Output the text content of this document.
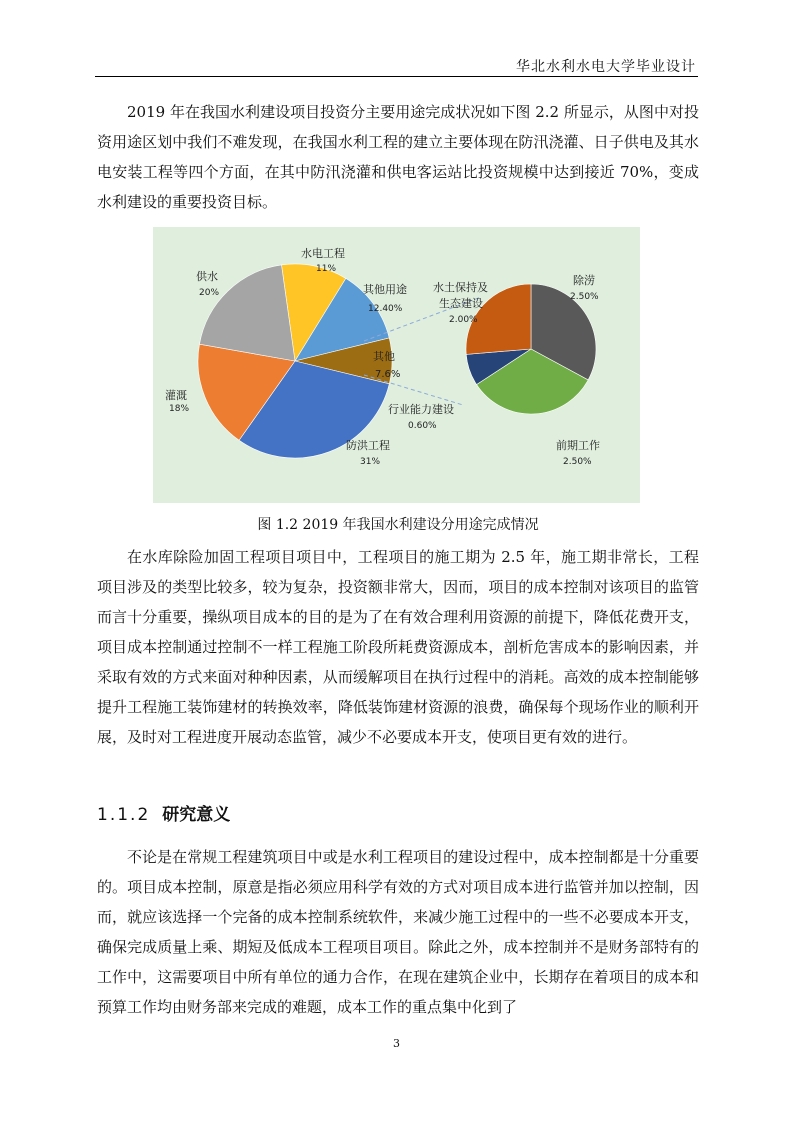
华北水利水电大学毕业设计

2019 年在我国水利建设项目投资分主要用途完成状况如下图 2.2 所显示，从图中对投资用途区划中我们不难发现，在我国水利工程的建立主要体现在防汛浇灌、日子供电及其水电安装工程等四个方面，在其中防汛浇灌和供电客运站比投资规模中达到接近 70%，变成水利建设的重要投资目标。

水电工程
11%
其他用途
12.40%
其他
7.6%
防洪工程
31%
灌溉
18%
供水
20%
除涝
2.50%
前期工作
2.50%
行业能力建设
0.60%
水土保持及 生态建设
2.00%
图 1.2 2019 年我国水利建设分用途完成情况

在水库除险加固工程项目项目中，工程项目的施工期为 2.5 年，施工期非常长，工程项目涉及的类型比较多，较为复杂，投资额非常大，因而，项目的成本控制对该项目的监管而言十分重要，操纵项目成本的目的是为了在有效合理利用资源的前提下，降低花费开支，项目成本控制通过控制不一样工程施工阶段所耗费资源成本，剖析危害成本的影响因素，并采取有效的方式来面对种种因素，从而缓解项目在执行过程中的消耗。高效的成本控制能够提升工程施工装饰建材的转换效率，降低装饰建材资源的浪费，确保每个现场作业的顺利开展，及时对工程进度开展动态监管，减少不必要成本开支，使项目更有效的进行。

1.1.2 研究意义

不论是在常规工程建筑项目中或是水利工程项目的建设过程中，成本控制都是十分重要的。项目成本控制，原意是指必须应用科学有效的方式对项目成本进行监管并加以控制，因而，就应该选择一个完备的成本控制系统软件，来减少施工过程中的一些不必要成本开支，确保完成质量上乘、期短及低成本工程项目项目。除此之外，成本控制并不是财务部特有的工作中，这需要项目中所有单位的通力合作，在现在建筑企业中，长期存在着项目的成本和预算工作均由财务部来完成的难题，成本工作的重点集中化到了

3
